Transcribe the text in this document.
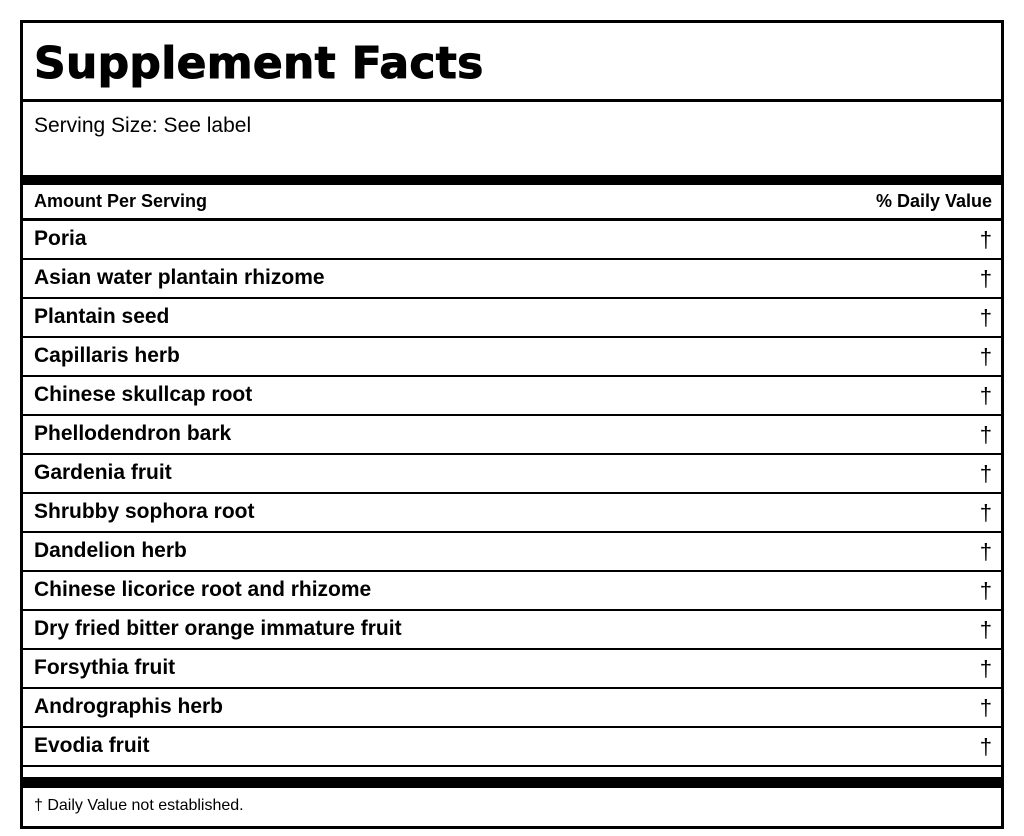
Supplement Facts
Serving Size: See label
Amount Per Serving	% Daily Value
Poria	†
Asian water plantain rhizome	†
Plantain seed	†
Capillaris herb	†
Chinese skullcap root	†
Phellodendron bark	†
Gardenia fruit	†
Shrubby sophora root	†
Dandelion herb	†
Chinese licorice root and rhizome	†
Dry fried bitter orange immature fruit	†
Forsythia fruit	†
Andrographis herb	†
Evodia fruit	†
† Daily Value not established.
